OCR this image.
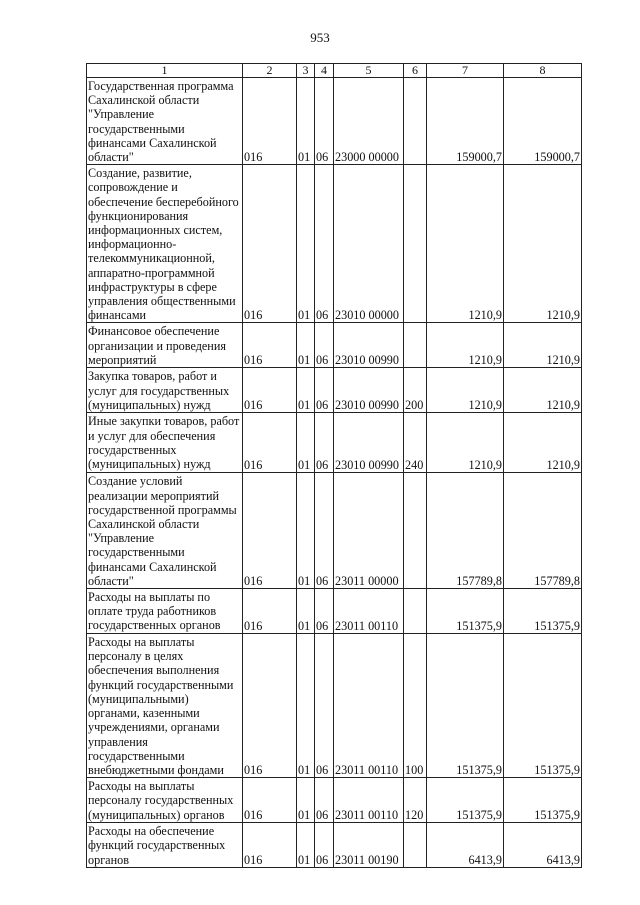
953
1	2	3	4	5	6	7	8
Государственная программа Сахалинской области "Управление государственными финансами Сахалинской области"	016	01	06	23000 00000		159000,7	159000,7
Создание, развитие, сопровождение и обеспечение бесперебойного функционирования информационных систем, информационно-телекоммуникационной, аппаратно-программной инфраструктуры в сфере управления общественными финансами	016	01	06	23010 00000		1210,9	1210,9
Финансовое обеспечение организации и проведения мероприятий	016	01	06	23010 00990		1210,9	1210,9
Закупка товаров, работ и услуг для государственных (муниципальных) нужд	016	01	06	23010 00990	200	1210,9	1210,9
Иные закупки товаров, работ и услуг для обеспечения государственных (муниципальных) нужд	016	01	06	23010 00990	240	1210,9	1210,9
Создание условий реализации мероприятий государственной программы Сахалинской области "Управление государственными финансами Сахалинской области"	016	01	06	23011 00000		157789,8	157789,8
Расходы на выплаты по оплате труда работников государственных органов	016	01	06	23011 00110		151375,9	151375,9
Расходы на выплаты персоналу в целях обеспечения выполнения функций государственными (муниципальными) органами, казенными учреждениями, органами управления государственными внебюджетными фондами	016	01	06	23011 00110	100	151375,9	151375,9
Расходы на выплаты персоналу государственных (муниципальных) органов	016	01	06	23011 00110	120	151375,9	151375,9
Расходы на обеспечение функций государственных органов	016	01	06	23011 00190		6413,9	6413,9
